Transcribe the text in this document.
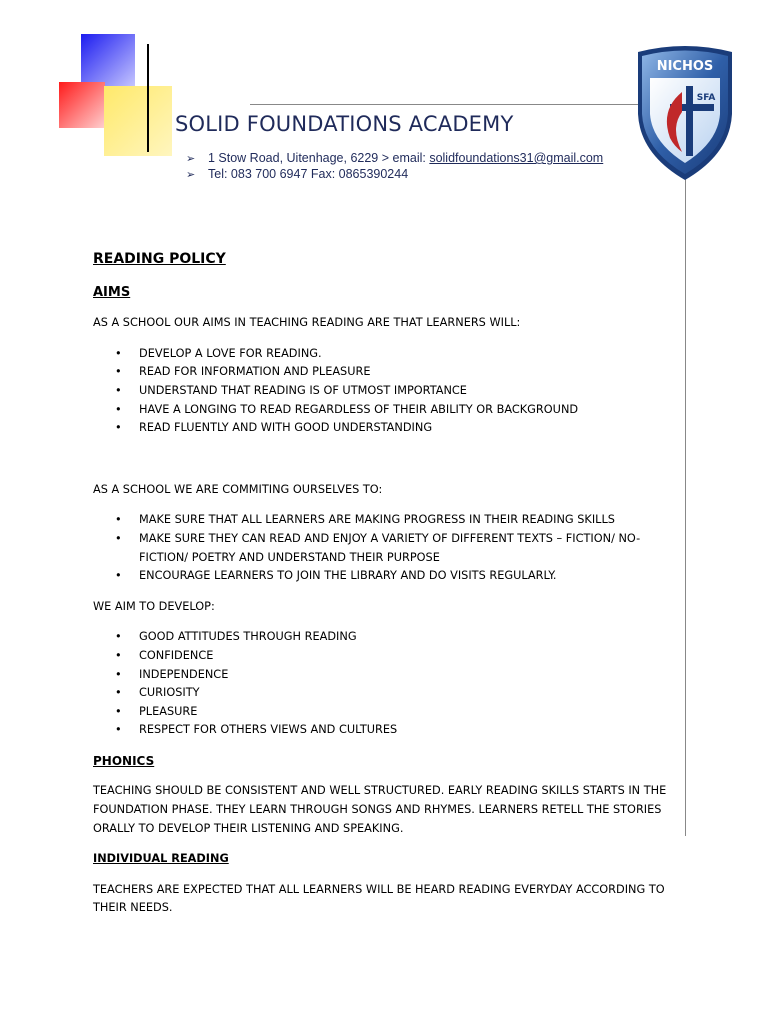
SOLID FOUNDATIONS ACADEMY
➢ 1 Stow Road, Uitenhage, 6229 > email: solidfoundations31@gmail.com
➢ Tel: 083 700 6947 Fax: 0865390244
NICHOS
SFA
READING POLICY
AIMS

AS A SCHOOL OUR AIMS IN TEACHING READING ARE THAT LEARNERS WILL:

• DEVELOP A LOVE FOR READING.
• READ FOR INFORMATION AND PLEASURE
• UNDERSTAND THAT READING IS OF UTMOST IMPORTANCE
• HAVE A LONGING TO READ REGARDLESS OF THEIR ABILITY OR BACKGROUND
• READ FLUENTLY AND WITH GOOD UNDERSTANDING

AS A SCHOOL WE ARE COMMITING OURSELVES TO:

• MAKE SURE THAT ALL LEARNERS ARE MAKING PROGRESS IN THEIR READING SKILLS
• MAKE SURE THEY CAN READ AND ENJOY A VARIETY OF DIFFERENT TEXTS – FICTION/ NO-FICTION/ POETRY AND UNDERSTAND THEIR PURPOSE
• ENCOURAGE LEARNERS TO JOIN THE LIBRARY AND DO VISITS REGULARLY.

WE AIM TO DEVELOP:

• GOOD ATTITUDES THROUGH READING
• CONFIDENCE
• INDEPENDENCE
• CURIOSITY
• PLEASURE
• RESPECT FOR OTHERS VIEWS AND CULTURES
PHONICS

TEACHING SHOULD BE CONSISTENT AND WELL STRUCTURED. EARLY READING SKILLS STARTS IN THE FOUNDATION PHASE. THEY LEARN THROUGH SONGS AND RHYMES. LEARNERS RETELL THE STORIES ORALLY TO DEVELOP THEIR LISTENING AND SPEAKING.

INDIVIDUAL READING

TEACHERS ARE EXPECTED THAT ALL LEARNERS WILL BE HEARD READING EVERYDAY ACCORDING TO THEIR NEEDS.
